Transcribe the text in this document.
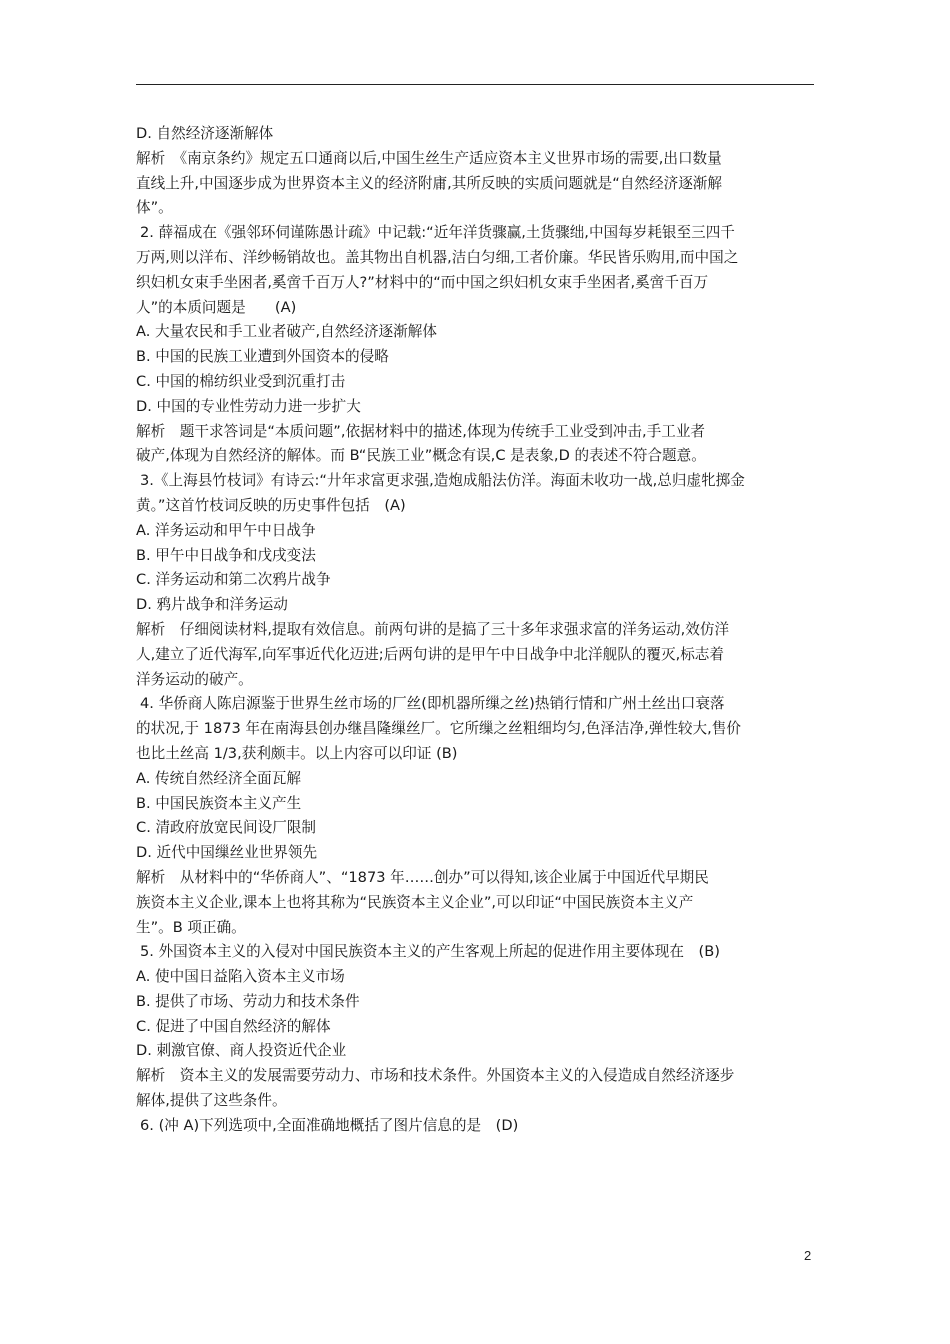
D. 自然经济逐渐解体
解析　《南京条约》规定五口通商以后,中国生丝生产适应资本主义世界市场的需要,出口数量
直线上升,中国逐步成为世界资本主义的经济附庸,其所反映的实质问题就是“自然经济逐渐解
体”。
2. 薛福成在《强邻环伺谨陈愚计疏》中记载:“近年洋货骤赢,土货骤绌,中国每岁耗银至三四千
万两,则以洋布、洋纱畅销故也。盖其物出自机器,洁白匀细,工者价廉。华民皆乐购用,而中国之
织妇机女束手坐困者,奚啻千百万人?”材料中的“而中国之织妇机女束手坐困者,奚啻千百万
人”的本质问题是　　(A)
A. 大量农民和手工业者破产,自然经济逐渐解体
B. 中国的民族工业遭到外国资本的侵略
C. 中国的棉纺织业受到沉重打击
D. 中国的专业性劳动力进一步扩大
解析　题干求答词是“本质问题”,依据材料中的描述,体现为传统手工业受到冲击,手工业者
破产,体现为自然经济的解体。而 B“民族工业”概念有误,C 是表象,D 的表述不符合题意。
3.《上海县竹枝词》有诗云:“廾年求富更求强,造炮成船法仿洋。海面未收功一战,总归虚牝掷金
黄。”这首竹枝词反映的历史事件包括　(A)
A. 洋务运动和甲午中日战争
B. 甲午中日战争和戊戌变法
C. 洋务运动和第二次鸦片战争
D. 鸦片战争和洋务运动
解析　仔细阅读材料,提取有效信息。前两句讲的是搞了三十多年求强求富的洋务运动,效仿洋
人,建立了近代海军,向军事近代化迈进;后两句讲的是甲午中日战争中北洋舰队的覆灭,标志着
洋务运动的破产。
4. 华侨商人陈启源鉴于世界生丝市场的厂丝(即机器所缫之丝)热销行情和广州土丝出口衰落
的状况,于 1873 年在南海县创办继昌隆缫丝厂。它所缫之丝粗细均匀,色泽洁净,弹性较大,售价
也比土丝高 1/3,获利颇丰。以上内容可以印证 (B)
A. 传统自然经济全面瓦解
B. 中国民族资本主义产生
C. 清政府放宽民间设厂限制
D. 近代中国缫丝业世界领先
解析　从材料中的“华侨商人”、“1873 年……创办”可以得知,该企业属于中国近代早期民
族资本主义企业,课本上也将其称为“民族资本主义企业”,可以印证“中国民族资本主义产
生”。B 项正确。
5. 外国资本主义的入侵对中国民族资本主义的产生客观上所起的促进作用主要体现在　(B)
A. 使中国日益陷入资本主义市场
B. 提供了市场、劳动力和技术条件
C. 促进了中国自然经济的解体
D. 刺激官僚、商人投资近代企业
解析　资本主义的发展需要劳动力、市场和技术条件。外国资本主义的入侵造成自然经济逐步
解体,提供了这些条件。
6. (冲 A)下列选项中,全面准确地概括了图片信息的是　(D)
2
